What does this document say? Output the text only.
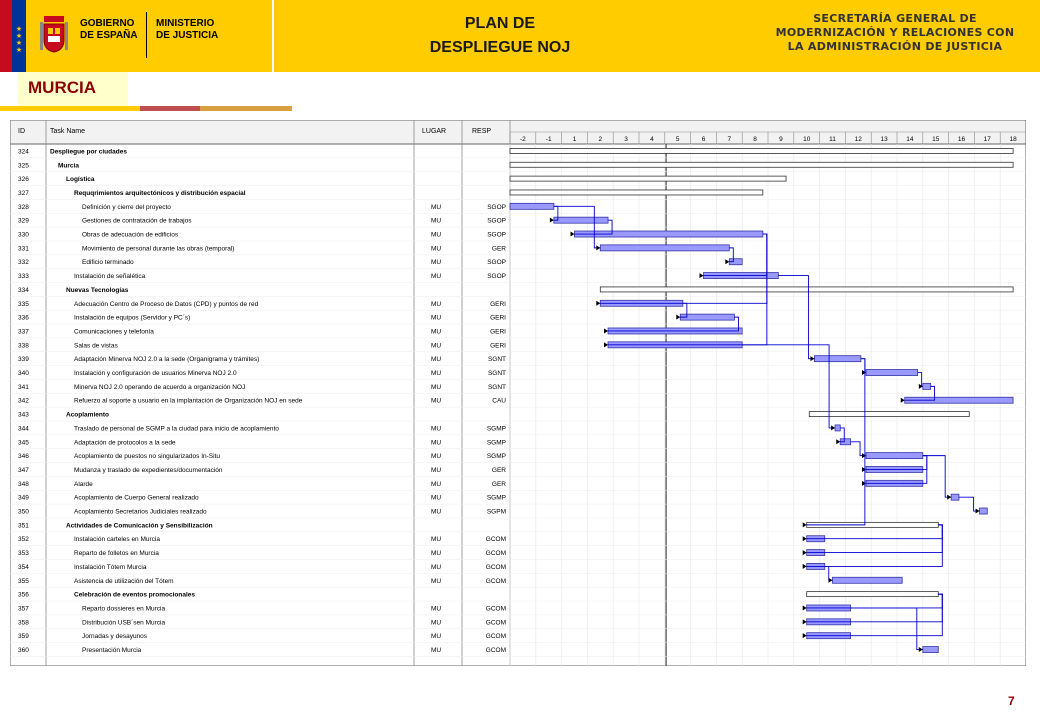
★
★ ★
★
GOBIERNO
DE ESPAÑA
MINISTERIO
DE JUSTICIA
PLAN DE
DESPLIEGUE NOJ
SECRETARÍA GENERAL DE
MODERNIZACIÓN Y RELACIONES CON
LA ADMINISTRACIÓN DE JUSTICIA
MURCIA
ID	Task Name	LUGAR	RESP
-2	-1	1	2	3	4	5	6	7	8	9	10	11	12	13	14	15	16	17	18
324	Despliegue por ciudades
325	Murcia
326	Logística
327	Requqrimientos arquitectónicos y distribución espacial
328	Definición y cierre del proyecto	MU	SGOP
329	Gestiones de contratación de trabajos	MU	SGOP
330	Obras de adecuación de edificios	MU	SGOP
331	Movimiento de personal durante las obras (temporal)	MU	GER
332	Edificio terminado	MU	SGOP
333	Instalación de señalética	MU	SGOP
334	Nuevas Tecnologías
335	Adecuación Centro de Proceso de Datos (CPD) y puntos de red	MU	GERI
336	Instalación de equipos (Servidor y PC´s)	MU	GERI
337	Comunicaciones y telefonía	MU	GERI
338	Salas de vistas	MU	GERI
339	Adaptación Minerva NOJ 2.0 a la sede (Organigrama y trámites)	MU	SGNT
340	Instalación y configuración de usuarios Minerva NOJ 2.0	MU	SGNT
341	Minerva NOJ 2.0 operando de acuerdo a organización NOJ	MU	SGNT
342	Refuerzo al soporte a usuario en la implantación de Organización NOJ en sede	MU	CAU
343	Acoplamiento
344	Traslado de personal de SGMP a la ciudad para inicio de acoplamiento	MU	SGMP
345	Adaptación de protocolos a la sede	MU	SGMP
346	Acoplamiento de puestos no singularizados In-Situ	MU	SGMP
347	Mudanza y traslado de expedientes/documentación	MU	GER
348	Alarde	MU	GER
349	Acoplamiento de Cuerpo General realizado	MU	SGMP
350	Acoplamiento Secretarios Judiciales realizado	MU	SGPM
351	Actividades de Comunicación y Sensibilización
352	Instalación carteles en Murcia	MU	GCOM
353	Reparto de folletos en Murcia	MU	GCOM
354	Instalación Tótem Murcia	MU	GCOM
355	Asistencia de utilización del Tótem	MU	GCOM
356	Celebración de eventos promocionales
357	Reparto dossieres en Murcia	MU	GCOM
358	Distribución USB´sen Murcia	MU	GCOM
359	Jornadas y desayunos	MU	GCOM
360	Presentación Murcia	MU	GCOM
7
